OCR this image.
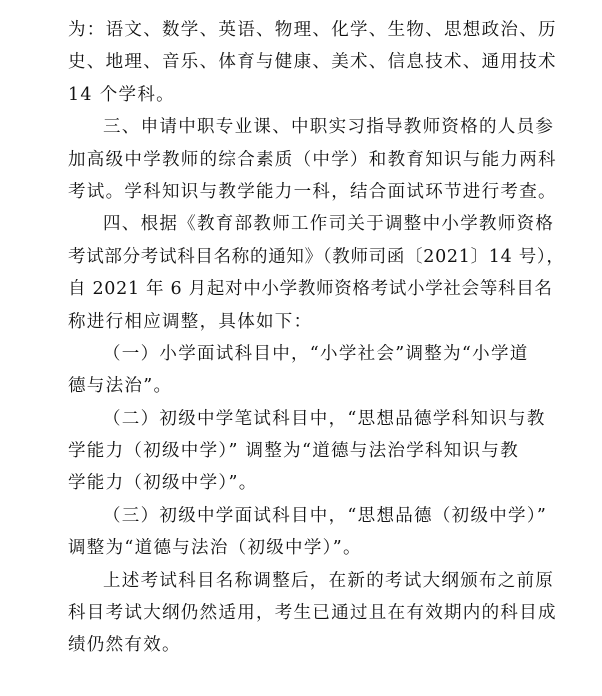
为：语文、数学、英语、物理、化学、生物、思想政治、历
史、地理、音乐、体育与健康、美术、信息技术、通用技术
14 个学科。
三、申请中职专业课、中职实习指导教师资格的人员参
加高级中学教师的综合素质（中学）和教育知识与能力两科
考试。学科知识与教学能力一科，结合面试环节进行考查。
四、根据《教育部教师工作司关于调整中小学教师资格
考试部分考试科目名称的通知》（教师司函〔2021〕14 号），
自 2021 年 6 月起对中小学教师资格考试小学社会等科目名
称进行相应调整，具体如下：
（一）小学面试科目中，“小学社会”调整为“小学道
德与法治”。
（二）初级中学笔试科目中，“思想品德学科知识与教
学能力（初级中学）” 调整为“道德与法治学科知识与教
学能力（初级中学）”。
（三）初级中学面试科目中，“思想品德（初级中学）”
调整为“道德与法治（初级中学）”。
上述考试科目名称调整后，在新的考试大纲颁布之前原
科目考试大纲仍然适用，考生已通过且在有效期内的科目成
绩仍然有效。
